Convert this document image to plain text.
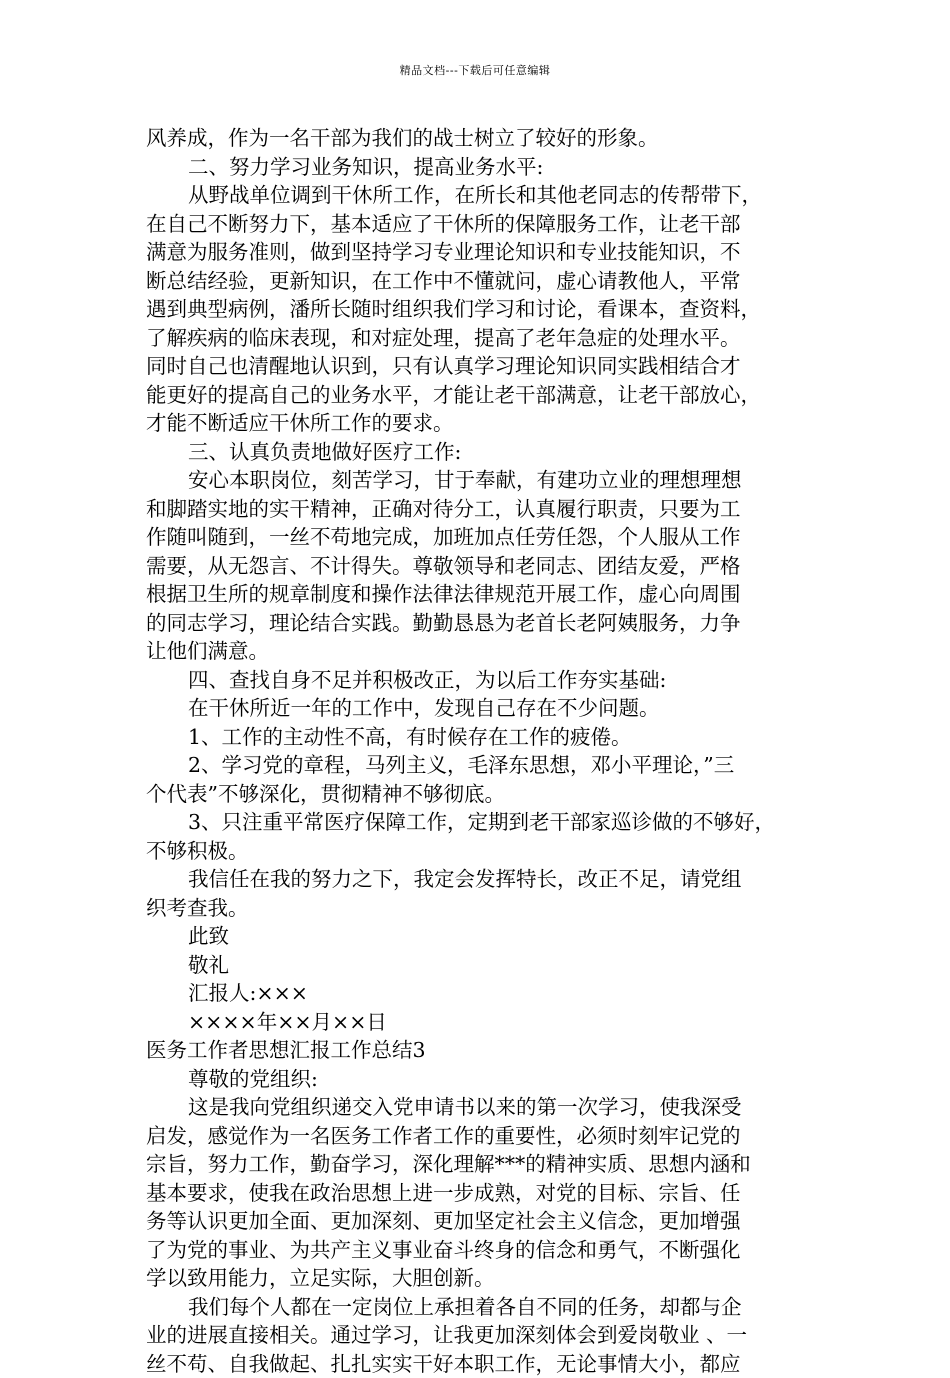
精品文档---下载后可任意编辑
风养成，作为一名干部为我们的战士树立了较好的形象。
二、努力学习业务知识，提高业务水平:
从野战单位调到干休所工作，在所长和其他老同志的传帮带下，
在自己不断努力下，基本适应了干休所的保障服务工作，让老干部
满意为服务准则，做到坚持学习专业理论知识和专业技能知识，不
断总结经验，更新知识，在工作中不懂就问，虚心请教他人，平常
遇到典型病例，潘所长随时组织我们学习和讨论，看课本，查资料，
了解疾病的临床表现，和对症处理，提高了老年急症的处理水平。
同时自己也清醒地认识到，只有认真学习理论知识同实践相结合才
能更好的提高自己的业务水平，才能让老干部满意，让老干部放心，
才能不断适应干休所工作的要求。
三、认真负责地做好医疗工作:
安心本职岗位，刻苦学习，甘于奉献，有建功立业的理想理想
和脚踏实地的实干精神，正确对待分工，认真履行职责，只要为工
作随叫随到，一丝不苟地完成，加班加点任劳任怨，个人服从工作
需要，从无怨言、不计得失。尊敬领导和老同志、团结友爱，严格
根据卫生所的规章制度和操作法律法律规范开展工作，虚心向周围
的同志学习，理论结合实践。勤勤恳恳为老首长老阿姨服务，力争
让他们满意。
四、查找自身不足并积极改正，为以后工作夯实基础:
在干休所近一年的工作中，发现自己存在不少问题。
1、工作的主动性不高，有时候存在工作的疲倦。
2、学习党的章程，马列主义，毛泽东思想，邓小平理论，”三
个代表”不够深化，贯彻精神不够彻底。
3、只注重平常医疗保障工作，定期到老干部家巡诊做的不够好，
不够积极。
我信任在我的努力之下，我定会发挥特长，改正不足，请党组
织考查我。
此致
敬礼
汇报人:×××
××××年××月××日
医务工作者思想汇报工作总结3
尊敬的党组织:
这是我向党组织递交入党申请书以来的第一次学习，使我深受
启发，感觉作为一名医务工作者工作的重要性，必须时刻牢记党的
宗旨，努力工作，勤奋学习，深化理解***的精神实质、思想内涵和
基本要求，使我在政治思想上进一步成熟，对党的目标、宗旨、任
务等认识更加全面、更加深刻、更加坚定社会主义信念，更加增强
了为党的事业、为共产主义事业奋斗终身的信念和勇气，不断强化
学以致用能力，立足实际，大胆创新。
我们每个人都在一定岗位上承担着各自不同的任务，却都与企
业的进展直接相关。通过学习，让我更加深刻体会到爱岗敬业 、一
丝不苟、自我做起、扎扎实实干好本职工作，无论事情大小，都应
